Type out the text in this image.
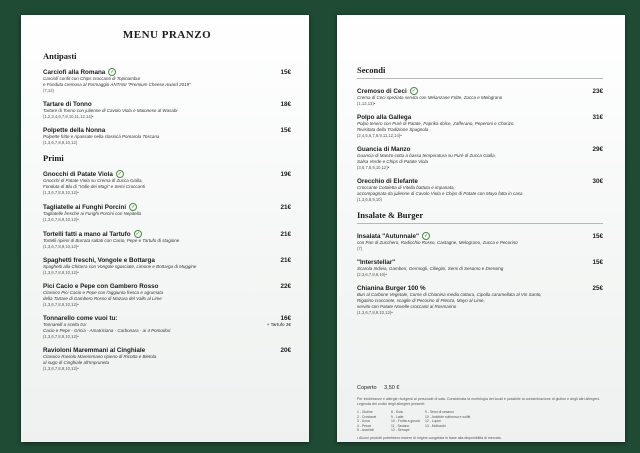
MENU PRANZO
Antipasti
Carciofi alla Romana	✓	15€
Carciofi confit con Chips croccanti di Topinambur
e Fonduta cremosa al Formaggio ANTANI "Premium Cheese Award 2019"
(7,12)
Tartare di Tonno	18€
Tartare di Tonno con julienne di Cavolo Viola e Maionese al Wasabi
(1,2,3,4,6,7,8,10,11,12,14)•
Polpette della Nonna	15€
Polpette fritte e ripassate nella classica Pomarola Toscana
(1,3,6,7,8,9,10,12)
Primi
Gnocchi di Patate Viola	✓	19€
Gnocchi di Patate Viola su Crema di Zucca Gialla,
Fonduta di Blu di "Valle dei Magi" e Semi Croccanti
(1,3,6,7,8,9,10,12)•
Tagliatelle ai Funghi Porcini	✓	21€
Tagliatelle fresche ai Funghi Porcini con Nepitella
(1,3,6,7,8,9,10,12)•
Tortelli fatti a mano al Tartufo	✓	21€
Tortelli ripieni di Burrata saltati con Cacio, Pepe e Tartufo di stagione
(1,3,6,7,8,9,10,12)•
Spaghetti freschi, Vongole e Bottarga	21€
Spaghetti alla Chitarra con Vongole sgusciate, Limone e Bottarga di Muggine
(1,3,6,7,8,9,10,12)•
Pici Cacio e Pepe con Gambero Rosso	22€
Classico Pici Cacio e Pepe con l'aggiunta fresca e agrumata
della Tartare di Gambero Rosso di Mazara del Vallo al Lime
(1,3,6,7,8,9,10,12)•
Tonnarello come vuoi tu:	16€
Tonnarelli a scelta tra:	+ Tartufo 3€
Cacio e Pepe - Gricia - Amatriciana - Carbonara - ai 4 Pomodori
(1,3,6,7,8,9,10,12)•
Ravioloni Maremmani al Cinghiale	20€
Classico Raviolo Maremmano ripieno di Ricotta e Bietola
al sugo di Cinghiale all'Impruneta
(1,3,6,7,8,9,10,12)•
Secondi
Cremoso di Ceci	✓	23€
Crema di Ceci speziata servita con Melanzane Fritte, Zucca e Melograno
(1,12,13)•
Polpo alla Gallega	31€
Polpo tenero con Purè di Patate, Paprika dolce, Zafferano, Peperoni e Chorizo.
Rivisitata della Tradizione Spagnola
(2,4,5,6,7,8,9,11,12,14)•
Guancia di Manzo	29€
Guancia di Manzo cotta a bassa temperatura su Purè di Zucca Gialla,
Salsa Verde e Chips di Patate Viola
(3,6,7,8,9,10,12)•
Orecchio di Elefante	30€
Croccante Cotoletta di Vitella battuta e impanata,
accompagnata da julienne di Cavolo Viola e Chips di Patate con Mayo fatta in casa
(1,3,6,8,9,10)
Insalate & Burger
Insalata "Autunnale"	✓	15€
con Pan di Zucchero, Radicchio Rosso, Castagne, Melograno, Zucca e Pecorino
(7)
"Interstellar"	15€
Scarola Indivia, Gamberi, Germogli, Ciliegini, Semi di Sesamo e Dressing
(2,3,6,7,8,9,10)•
Chianina Burger 100 %	25€
Bun al Carbone Vegetale, Carne di Chianina media cottura, Cipolla caramellata al Vin Santo,
Rigatino croccante, scaglie di Pecorino di Pienza, Mayo al Lime,
servito con Patate Novelle croccanti al Rosmarino
(1,3,6,7,8,9,10,12)•
Coperto 3,50 €
Per intolleranze e allergie rivolgersi al personale di sala. Considerata la morfologia dei locali è possibile la contaminazione di glutine e degli altri allergeni. Legenda dei codici degli allergeni presenti:
1 - Glutine	8 - Soia	9 - Semi di sesamo
2 - Crostacei	9 - Latte	10 - Anidride solforosa e solfiti
3 - Uova	10 - Frutta a guscio	12 - Lupini
4 - Pesce	11 - Sedano	13 - Molluschi
5 - Arachidi	12 - Senape
• Alcuni prodotti potrebbero essere di origine congelata in base alla disponibilità di mercato.
